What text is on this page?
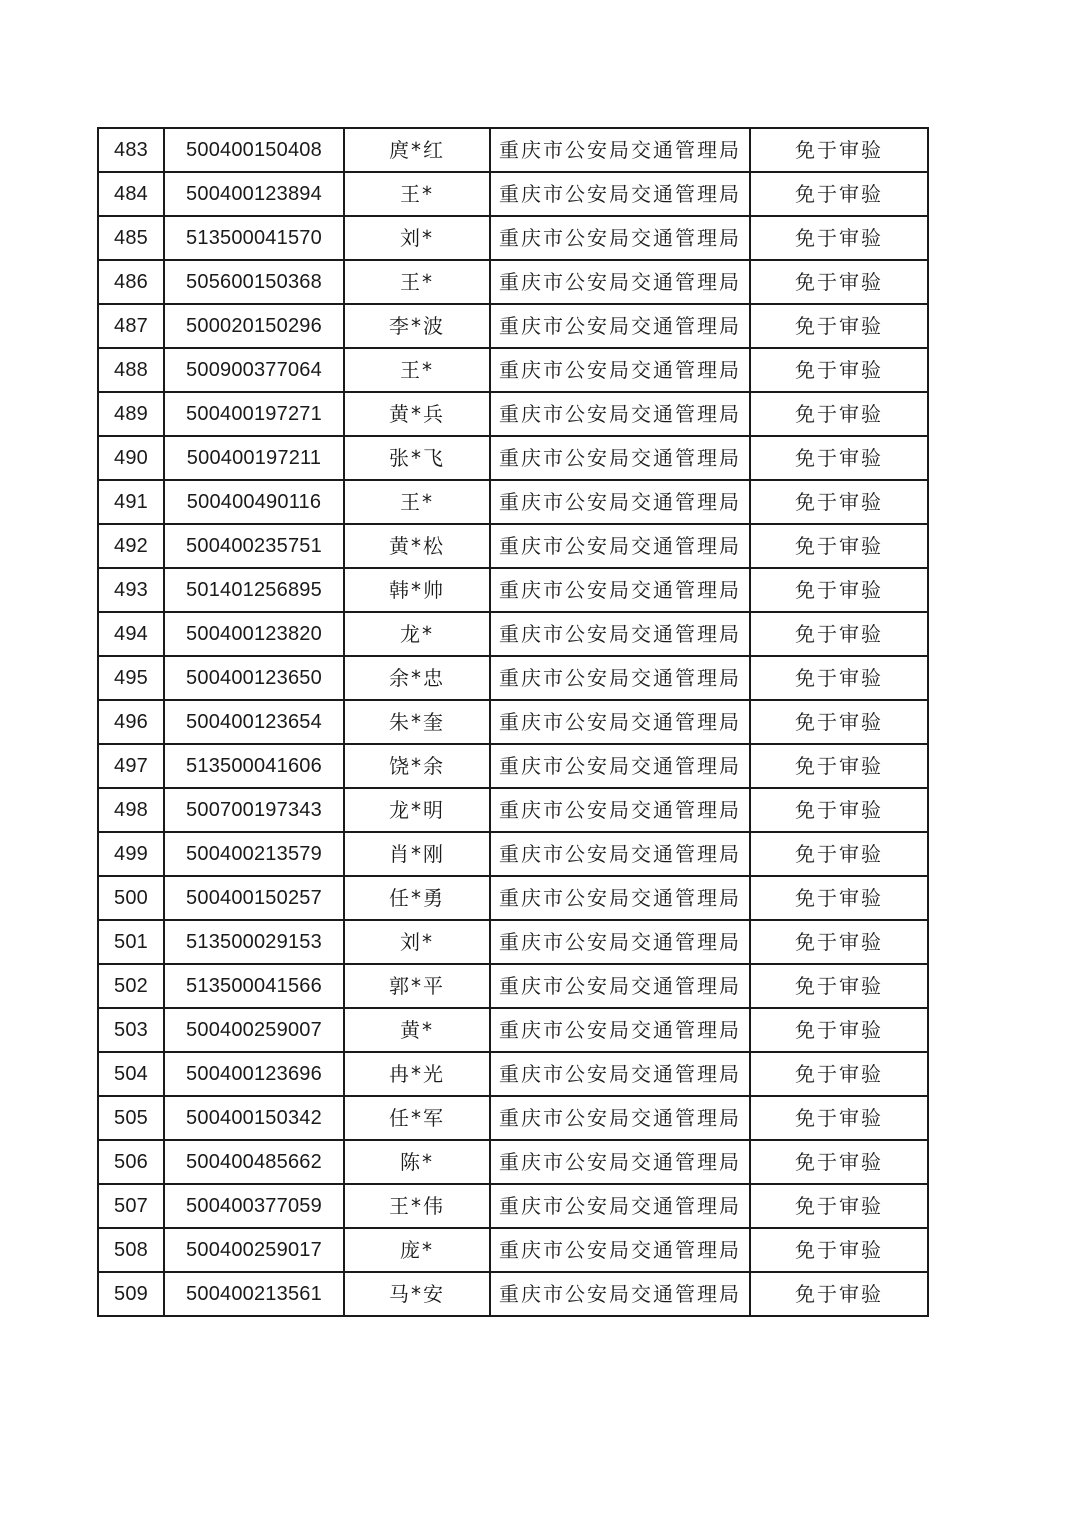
483	500400150408	庹*红	重庆市公安局交通管理局	免于审验
484	500400123894	王*	重庆市公安局交通管理局	免于审验
485	513500041570	刘*	重庆市公安局交通管理局	免于审验
486	505600150368	王*	重庆市公安局交通管理局	免于审验
487	500020150296	李*波	重庆市公安局交通管理局	免于审验
488	500900377064	王*	重庆市公安局交通管理局	免于审验
489	500400197271	黄*兵	重庆市公安局交通管理局	免于审验
490	500400197211	张*飞	重庆市公安局交通管理局	免于审验
491	500400490116	王*	重庆市公安局交通管理局	免于审验
492	500400235751	黄*松	重庆市公安局交通管理局	免于审验
493	501401256895	韩*帅	重庆市公安局交通管理局	免于审验
494	500400123820	龙*	重庆市公安局交通管理局	免于审验
495	500400123650	余*忠	重庆市公安局交通管理局	免于审验
496	500400123654	朱*奎	重庆市公安局交通管理局	免于审验
497	513500041606	饶*余	重庆市公安局交通管理局	免于审验
498	500700197343	龙*明	重庆市公安局交通管理局	免于审验
499	500400213579	肖*刚	重庆市公安局交通管理局	免于审验
500	500400150257	任*勇	重庆市公安局交通管理局	免于审验
501	513500029153	刘*	重庆市公安局交通管理局	免于审验
502	513500041566	郭*平	重庆市公安局交通管理局	免于审验
503	500400259007	黄*	重庆市公安局交通管理局	免于审验
504	500400123696	冉*光	重庆市公安局交通管理局	免于审验
505	500400150342	任*军	重庆市公安局交通管理局	免于审验
506	500400485662	陈*	重庆市公安局交通管理局	免于审验
507	500400377059	王*伟	重庆市公安局交通管理局	免于审验
508	500400259017	庞*	重庆市公安局交通管理局	免于审验
509	500400213561	马*安	重庆市公安局交通管理局	免于审验
